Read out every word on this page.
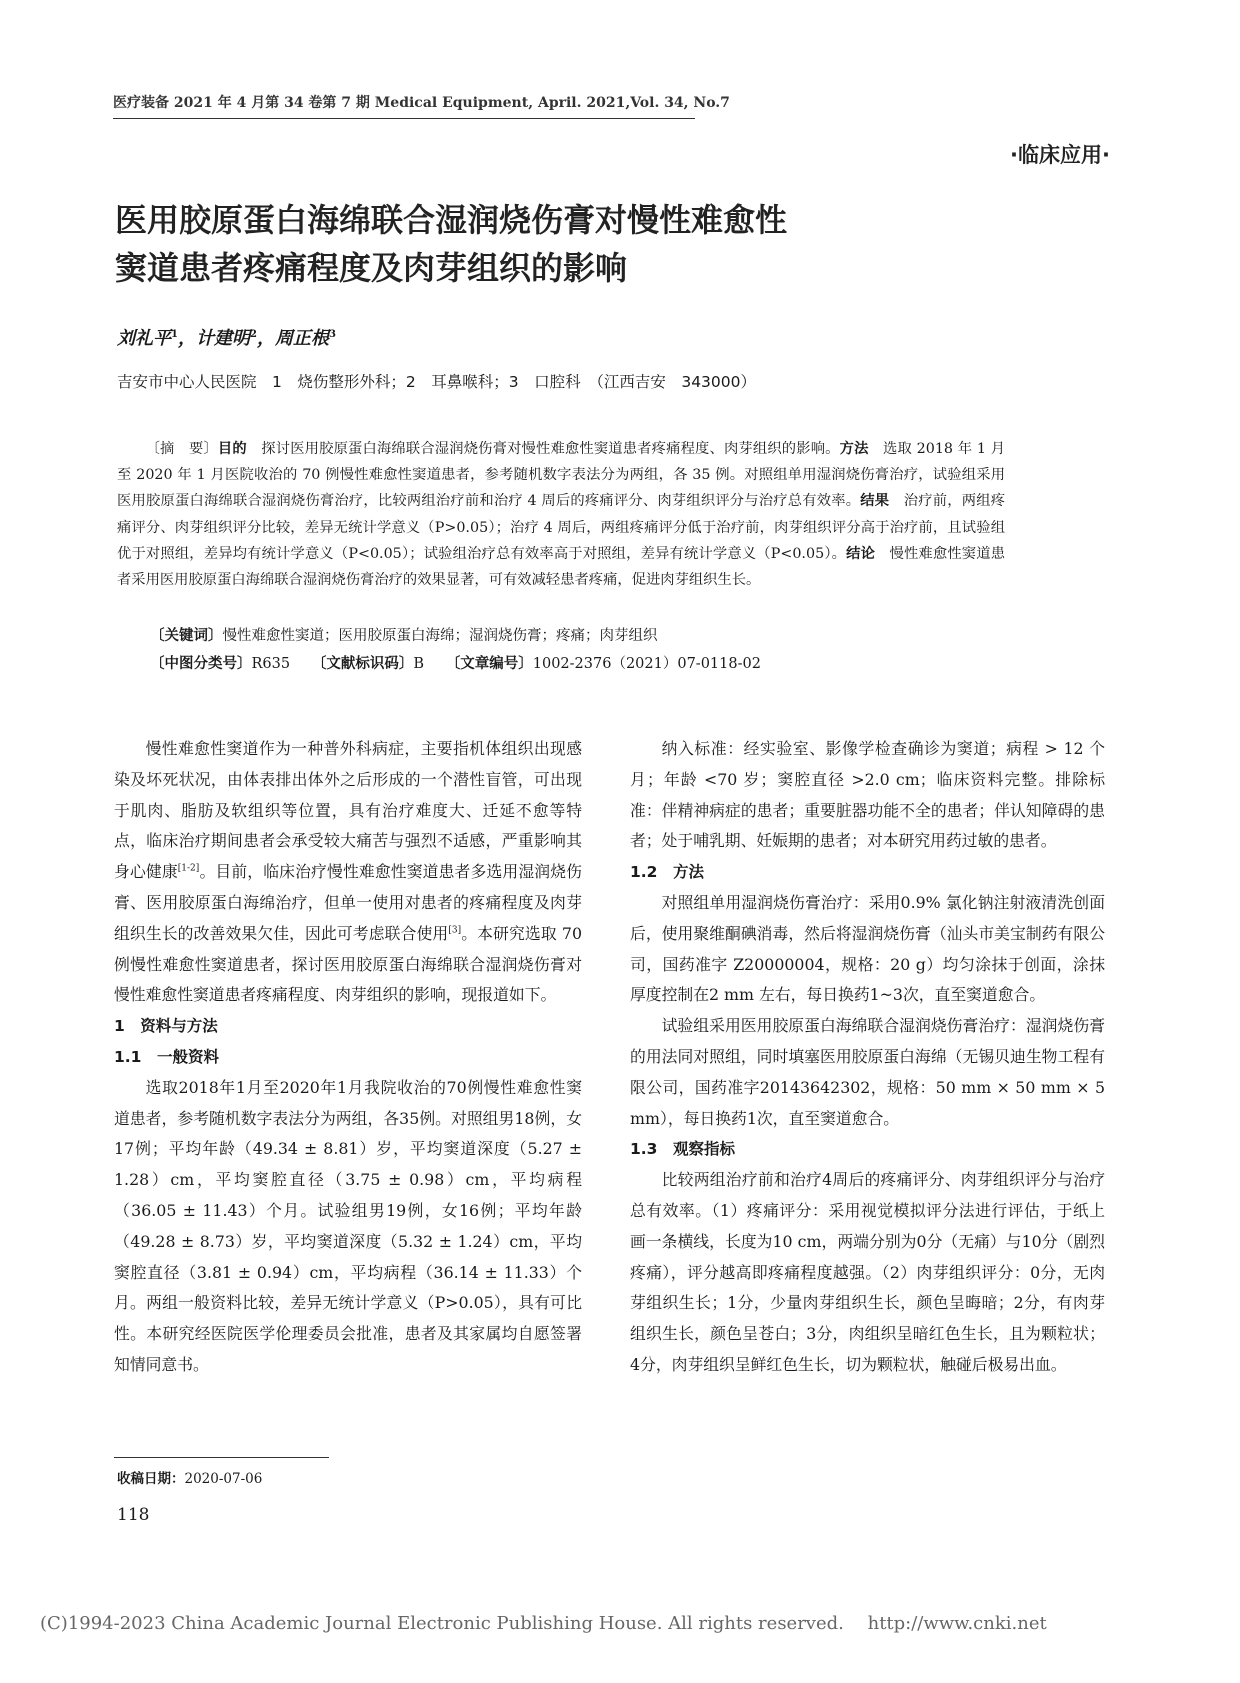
医疗装备 2021 年 4 月第 34 卷第 7 期 Medical Equipment, April. 2021,Vol. 34, No.7
·临床应用·
医用胶原蛋白海绵联合湿润烧伤膏对慢性难愈性
窦道患者疼痛程度及肉芽组织的影响
刘礼平$^1$，计建明$^2$，周正根$^3$
吉安市中心人民医院　1　烧伤整形外科；2　耳鼻喉科；3　口腔科　（江西吉安　343000）

〔摘　要〕目的　探讨医用胶原蛋白海绵联合湿润烧伤膏对慢性难愈性窦道患者疼痛程度、肉芽组织的影响。方法　选取 2018 年 1 月至 2020 年 1 月医院收治的 70 例慢性难愈性窦道患者，参考随机数字表法分为两组，各 35 例。对照组单用湿润烧伤膏治疗，试验组采用医用胶原蛋白海绵联合湿润烧伤膏治疗，比较两组治疗前和治疗 4 周后的疼痛评分、肉芽组织评分与治疗总有效率。结果　治疗前，两组疼痛评分、肉芽组织评分比较，差异无统计学意义（P>0.05）；治疗 4 周后，两组疼痛评分低于治疗前，肉芽组织评分高于治疗前，且试验组优于对照组，差异均有统计学意义（P<0.05）；试验组治疗总有效率高于对照组，差异有统计学意义（P<0.05）。结论　慢性难愈性窦道患者采用医用胶原蛋白海绵联合湿润烧伤膏治疗的效果显著，可有效减轻患者疼痛，促进肉芽组织生长。

〔关键词〕慢性难愈性窦道；医用胶原蛋白海绵；湿润烧伤膏；疼痛；肉芽组织
〔中图分类号〕R635　　 〔文献标识码〕B　　 〔文章编号〕1002-2376（2021）07-0118-02

慢性难愈性窦道作为一种普外科病症，主要指机体组织出现感染及坏死状况，由体表排出体外之后形成的一个潜性盲管，可出现于肌肉、脂肪及软组织等位置，具有治疗难度大、迁延不愈等特点，临床治疗期间患者会承受较大痛苦与强烈不适感，严重影响其身心健康[1-2]。目前，临床治疗慢性难愈性窦道患者多选用湿润烧伤膏、医用胶原蛋白海绵治疗，但单一使用对患者的疼痛程度及肉芽组织生长的改善效果欠佳，因此可考虑联合使用[3]。本研究选取 70 例慢性难愈性窦道患者，探讨医用胶原蛋白海绵联合湿润烧伤膏对慢性难愈性窦道患者疼痛程度、肉芽组织的影响，现报道如下。

1　资料与方法
1.1　一般资料

选取2018年1月至2020年1月我院收治的70例慢性难愈性窦道患者，参考随机数字表法分为两组，各35例。对照组男18例，女17例；平均年龄（49.34 ± 8.81）岁，平均窦道深度（5.27 ± 1.28）cm，平均窦腔直径（3.75 ± 0.98）cm，平均病程（36.05 ± 11.43）个月。试验组男19例，女16例；平均年龄（49.28 ± 8.73）岁，平均窦道深度（5.32 ± 1.24）cm，平均窦腔直径（3.81 ± 0.94）cm，平均病程（36.14 ± 11.33）个月。两组一般资料比较，差异无统计学意义（P>0.05），具有可比性。本研究经医院医学伦理委员会批准，患者及其家属均自愿签署知情同意书。

纳入标准：经实验室、影像学检查确诊为窦道；病程 > 12 个月；年龄 <70 岁；窦腔直径 >2.0 cm；临床资料完整。排除标准：伴精神病症的患者；重要脏器功能不全的患者；伴认知障碍的患者；处于哺乳期、妊娠期的患者；对本研究用药过敏的患者。

1.2　方法

对照组单用湿润烧伤膏治疗：采用0.9% 氯化钠注射液清洗创面后，使用聚维酮碘消毒，然后将湿润烧伤膏（汕头市美宝制药有限公司，国药准字 Z20000004，规格：20 g）均匀涂抹于创面，涂抹厚度控制在2 mm 左右，每日换药1~3次，直至窦道愈合。

试验组采用医用胶原蛋白海绵联合湿润烧伤膏治疗：湿润烧伤膏的用法同对照组，同时填塞医用胶原蛋白海绵（无锡贝迪生物工程有限公司，国药准字20143642302，规格：50 mm × 50 mm × 5 mm），每日换药1次，直至窦道愈合。

1.3　观察指标

比较两组治疗前和治疗4周后的疼痛评分、肉芽组织评分与治疗总有效率。（1）疼痛评分：采用视觉模拟评分法进行评估，于纸上画一条横线，长度为10 cm，两端分别为0分（无痛）与10分（剧烈疼痛），评分越高即疼痛程度越强。（2）肉芽组织评分：0分，无肉芽组织生长；1分，少量肉芽组织生长，颜色呈晦暗；2分，有肉芽组织生长，颜色呈苍白；3分，肉组织呈暗红色生长，且为颗粒状；4分，肉芽组织呈鲜红色生长，切为颗粒状，触碰后极易出血。

收稿日期：2020-07-06
118
(C)1994-2023 China Academic Journal Electronic Publishing House. All rights reserved.　 http://www.cnki.net
